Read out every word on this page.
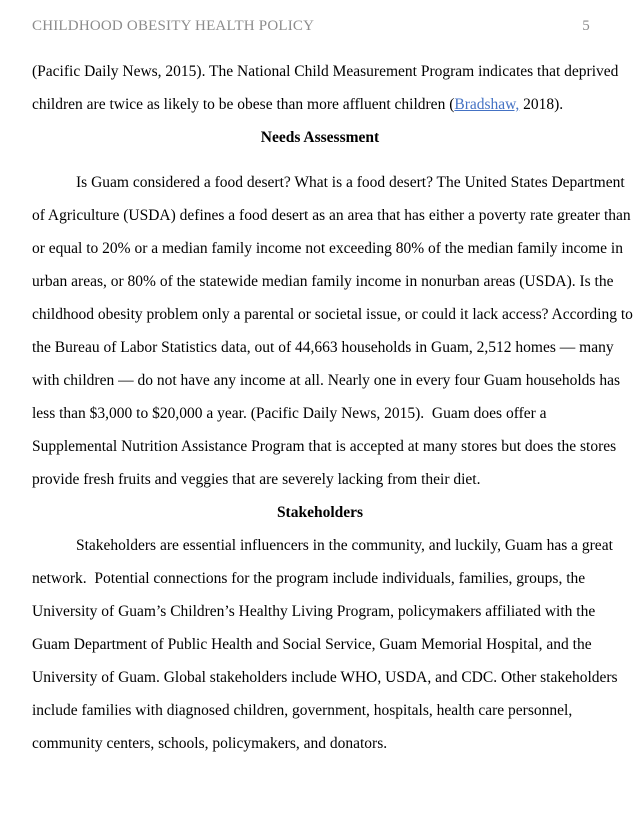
CHILDHOOD OBESITY HEALTH POLICY	5
(Pacific Daily News, 2015). The National Child Measurement Program indicates that deprived
children are twice as likely to be obese than more affluent children (Bradshaw, 2018).
Needs Assessment
Is Guam considered a food desert? What is a food desert? The United States Department
of Agriculture (USDA) defines a food desert as an area that has either a poverty rate greater than
or equal to 20% or a median family income not exceeding 80% of the median family income in
urban areas, or 80% of the statewide median family income in nonurban areas (USDA). Is the
childhood obesity problem only a parental or societal issue, or could it lack access? According to
the Bureau of Labor Statistics data, out of 44,663 households in Guam, 2,512 homes — many
with children — do not have any income at all. Nearly one in every four Guam households has
less than $3,000 to $20,000 a year. (Pacific Daily News, 2015).  Guam does offer a
Supplemental Nutrition Assistance Program that is accepted at many stores but does the stores
provide fresh fruits and veggies that are severely lacking from their diet.
Stakeholders
Stakeholders are essential influencers in the community, and luckily, Guam has a great
network.  Potential connections for the program include individuals, families, groups, the
University of Guam’s Children’s Healthy Living Program, policymakers affiliated with the
Guam Department of Public Health and Social Service, Guam Memorial Hospital, and the
University of Guam. Global stakeholders include WHO, USDA, and CDC. Other stakeholders
include families with diagnosed children, government, hospitals, health care personnel,
community centers, schools, policymakers, and donators.
